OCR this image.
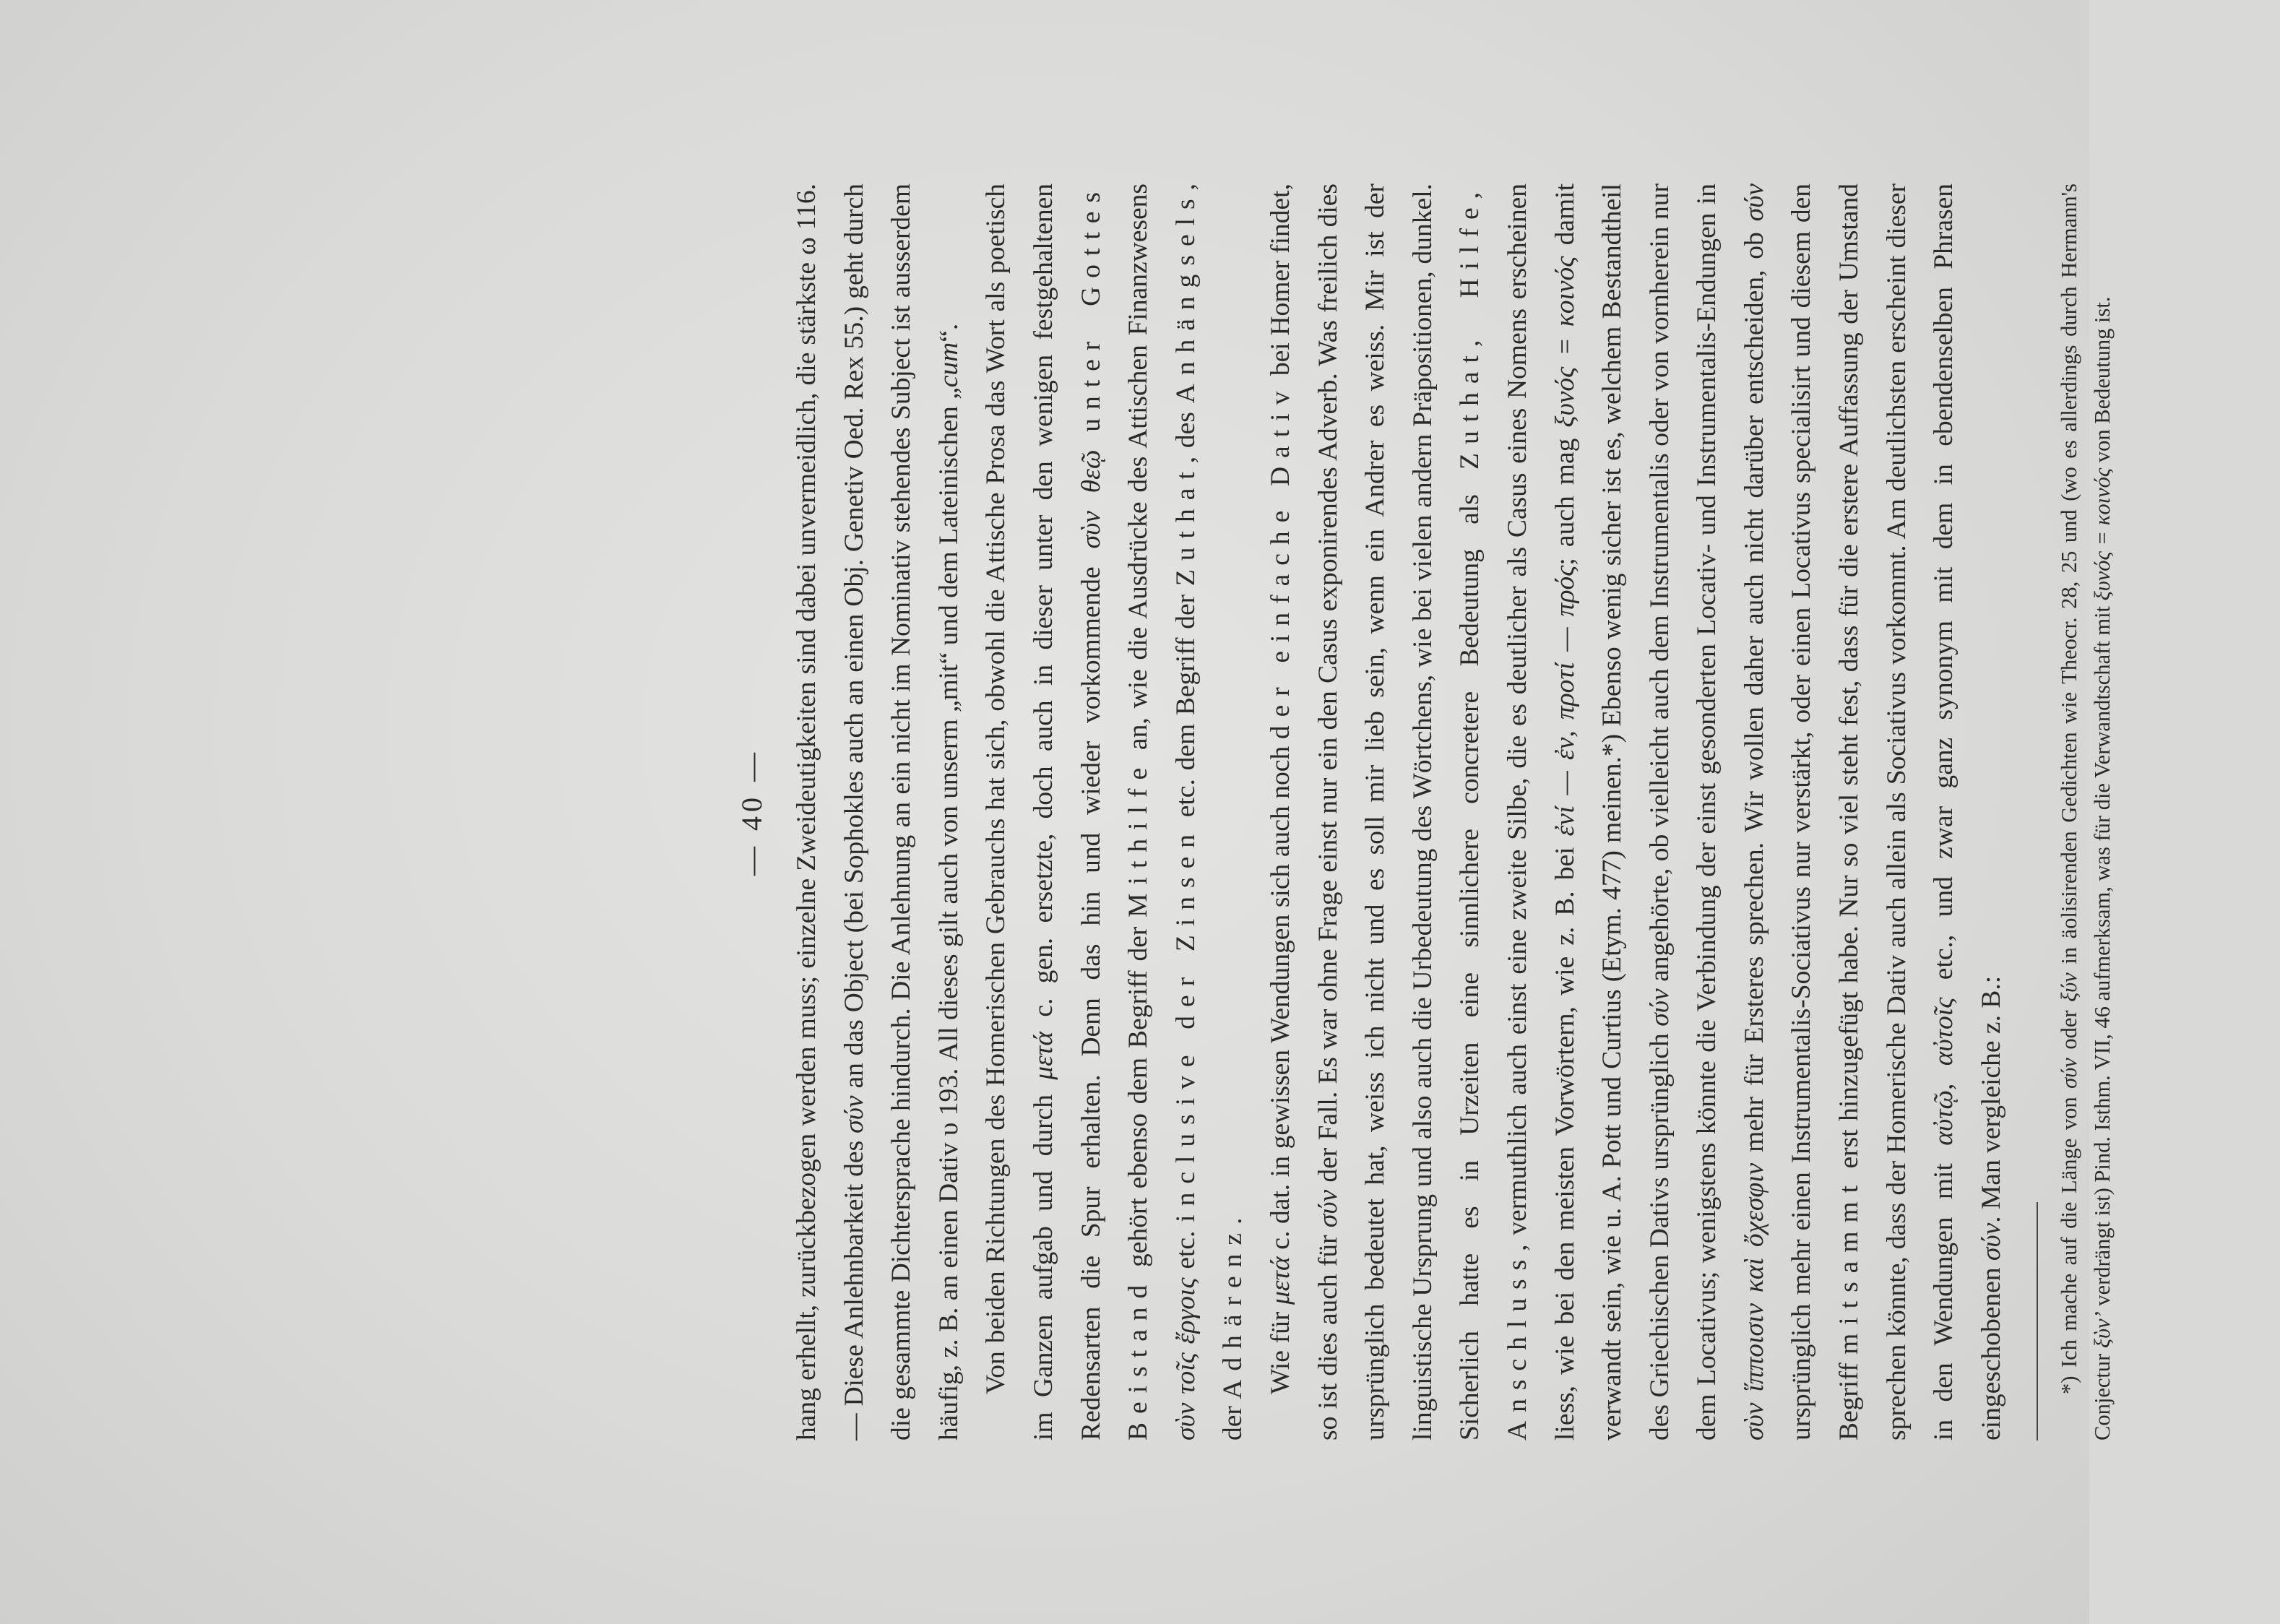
— 40 — hang erhellt, zurückbezogen werden muss; einzelne Zweideutigkeiten sind dabei unvermeidlich, die stärkste ω 116. — Diese Anlehnbarkeit des σύν an das Object (bei Sophokles auch an einen Obj. Genetiv Oed. Rex 55.) geht durch die gesammte Dichtersprache hindurch. Die Anlehnung an ein nicht im Nominativ stehendes Subject ist ausserdem häufig, z. B. an einen Dativ υ 193. All dieses gilt auch von unserm „mit“ und dem Lateinischen „cum“. Von beiden Richtungen des Homerischen Gebrauchs hat sich, obwohl die Attische Prosa das Wort als poetisch im Ganzen aufgab und durch μετά c. gen. ersetzte, doch auch in dieser unter den wenigen festgehaltenen Redensarten die Spur erhalten. Denn das hin und wieder vorkommende σὺν θεῷ unter Gottes Beistand gehört ebenso dem Begriff der Mithilfe an, wie die Ausdrücke des Attischen Finanzwesens σὺν τοῖς ἔργοις etc. inclusive der Zinsen etc. dem Begriff der Zuthat, des Anhängsels, der Adhärenz.

Wie für μετά c. dat. in gewissen Wendungen sich auch noch der einfache Dativ bei Homer findet, so ist dies auch für σύν der Fall. Es war ohne Frage einst nur ein den Casus exponirendes Adverb. Was freilich dies ursprünglich bedeutet hat, weiss ich nicht und es soll mir lieb sein, wenn ein Andrer es weiss. Mir ist der linguistische Ursprung und also auch die Urbedeutung des Wörtchens, wie bei vielen andern Präpositionen, dunkel. Sicherlich hatte es in Urzeiten eine sinnlichere concretere Bedeutung als Zuthat, Hilfe, Anschluss, vermuthlich auch einst eine zweite Silbe, die es deutlicher als Casus eines Nomens erscheinen liess, wie bei den meisten Vorwörtern, wie z. B. bei ἐνί — ἐν, προτί — πρός; auch mag ξυνός = κοινός damit verwandt sein, wie u. A. Pott und Curtius (Etym. 477) meinen.*) Ebenso wenig sicher ist es, welchem Bestandtheil des Griechischen Dativs ursprünglich σύν angehörte, ob vielleicht auch dem Instrumentalis oder von vornherein nur dem Locativus; wenigstens könnte die Verbindung der einst gesonderten Locativ- und Instrumentalis-Endungen in σὺν ἵπποισιν καὶ ὄχεσφιν mehr für Ersteres sprechen. Wir wollen daher auch nicht darüber entscheiden, ob σύν ursprünglich mehr einen Instrumentalis-Sociativus nur verstärkt, oder einen Locativus specialisirt und diesem den Begriff mitsammt erst hinzugefügt habe. Nur so viel steht fest, dass für die erstere Auffassung der Umstand sprechen könnte, dass der Homerische Dativ auch allein als Sociativus vorkommt. Am deutlichsten erscheint dieser in den Wendungen mit αὐτῷ, αὐτοῖς etc., und zwar ganz synonym mit dem in ebendenselben Phrasen eingeschobenen σύν. Man vergleiche z. B.:	*) Ich mache auf die Länge von σύν oder ξύν in äolisirenden Gedichten wie Theocr. 28, 25 und (wo es allerdings durch Hermann's Conjectur ξὺν’ verdrängt ist) Pind. Isthm. VII, 46 aufmerksam, was für die Verwandtschaft mit ξυνός = κοινός von Bedeutung ist.
